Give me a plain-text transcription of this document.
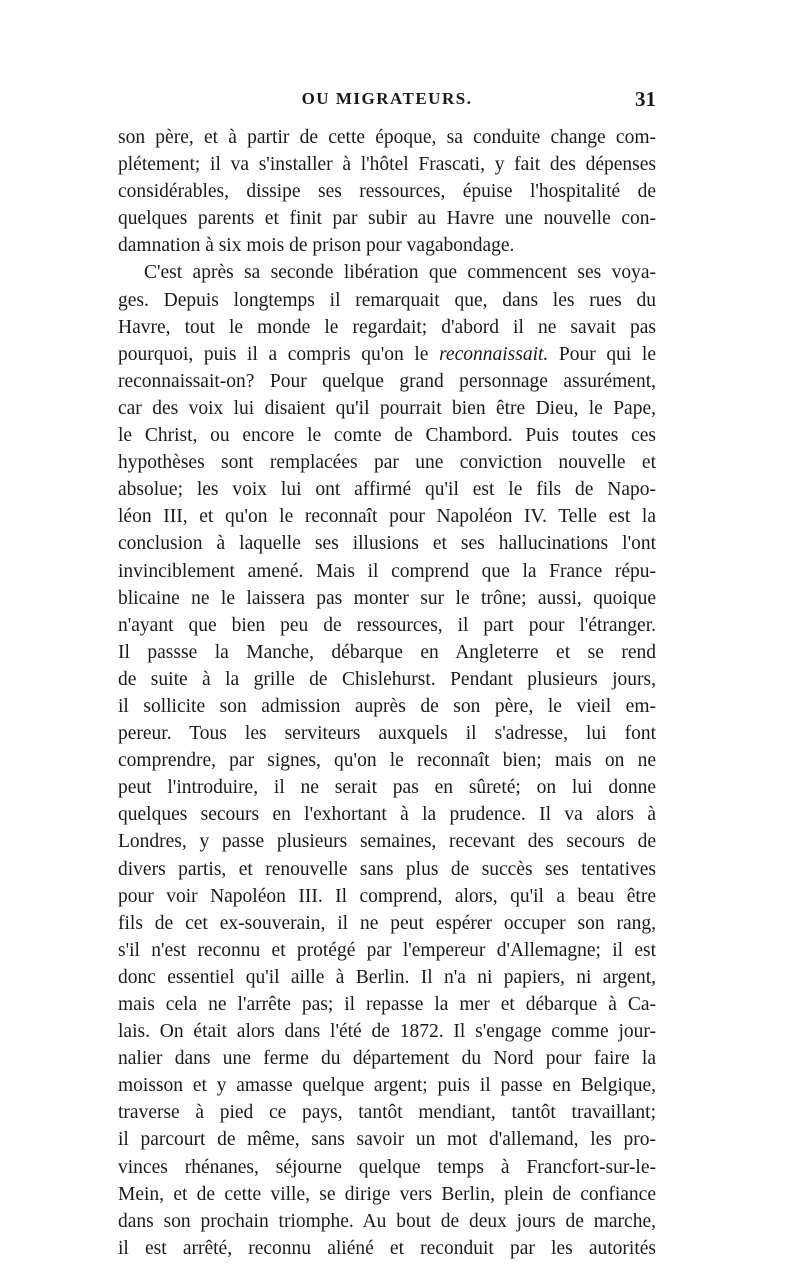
OU MIGRATEURS.	31
son père, et à partir de cette époque, sa conduite change com-
plétement; il va s'installer à l'hôtel Frascati, y fait des dépenses
considérables, dissipe ses ressources, épuise l'hospitalité de
quelques parents et finit par subir au Havre une nouvelle con-
damnation à six mois de prison pour vagabondage.
C'est après sa seconde libération que commencent ses voya-
ges. Depuis longtemps il remarquait que, dans les rues du
Havre, tout le monde le regardait; d'abord il ne savait pas
pourquoi, puis il a compris qu'on le reconnaissait. Pour qui le
reconnaissait-on? Pour quelque grand personnage assurément,
car des voix lui disaient qu'il pourrait bien être Dieu, le Pape,
le Christ, ou encore le comte de Chambord. Puis toutes ces
hypothèses sont remplacées par une conviction nouvelle et
absolue; les voix lui ont affirmé qu'il est le fils de Napo-
léon III, et qu'on le reconnaît pour Napoléon IV. Telle est la
conclusion à laquelle ses illusions et ses hallucinations l'ont
invinciblement amené. Mais il comprend que la France répu-
blicaine ne le laissera pas monter sur le trône; aussi, quoique
n'ayant que bien peu de ressources, il part pour l'étranger.
Il passse la Manche, débarque en Angleterre et se rend
de suite à la grille de Chislehurst. Pendant plusieurs jours,
il sollicite son admission auprès de son père, le vieil em-
pereur. Tous les serviteurs auxquels il s'adresse, lui font
comprendre, par signes, qu'on le reconnaît bien; mais on ne
peut l'introduire, il ne serait pas en sûreté; on lui donne
quelques secours en l'exhortant à la prudence. Il va alors à
Londres, y passe plusieurs semaines, recevant des secours de
divers partis, et renouvelle sans plus de succès ses tentatives
pour voir Napoléon III. Il comprend, alors, qu'il a beau être
fils de cet ex-souverain, il ne peut espérer occuper son rang,
s'il n'est reconnu et protégé par l'empereur d'Allemagne; il est
donc essentiel qu'il aille à Berlin. Il n'a ni papiers, ni argent,
mais cela ne l'arrête pas; il repasse la mer et débarque à Ca-
lais. On était alors dans l'été de 1872. Il s'engage comme jour-
nalier dans une ferme du département du Nord pour faire la
moisson et y amasse quelque argent; puis il passe en Belgique,
traverse à pied ce pays, tantôt mendiant, tantôt travaillant;
il parcourt de même, sans savoir un mot d'allemand, les pro-
vinces rhénanes, séjourne quelque temps à Francfort-sur-le-
Mein, et de cette ville, se dirige vers Berlin, plein de confiance
dans son prochain triomphe. Au bout de deux jours de marche,
il est arrêté, reconnu aliéné et reconduit par les autorités
